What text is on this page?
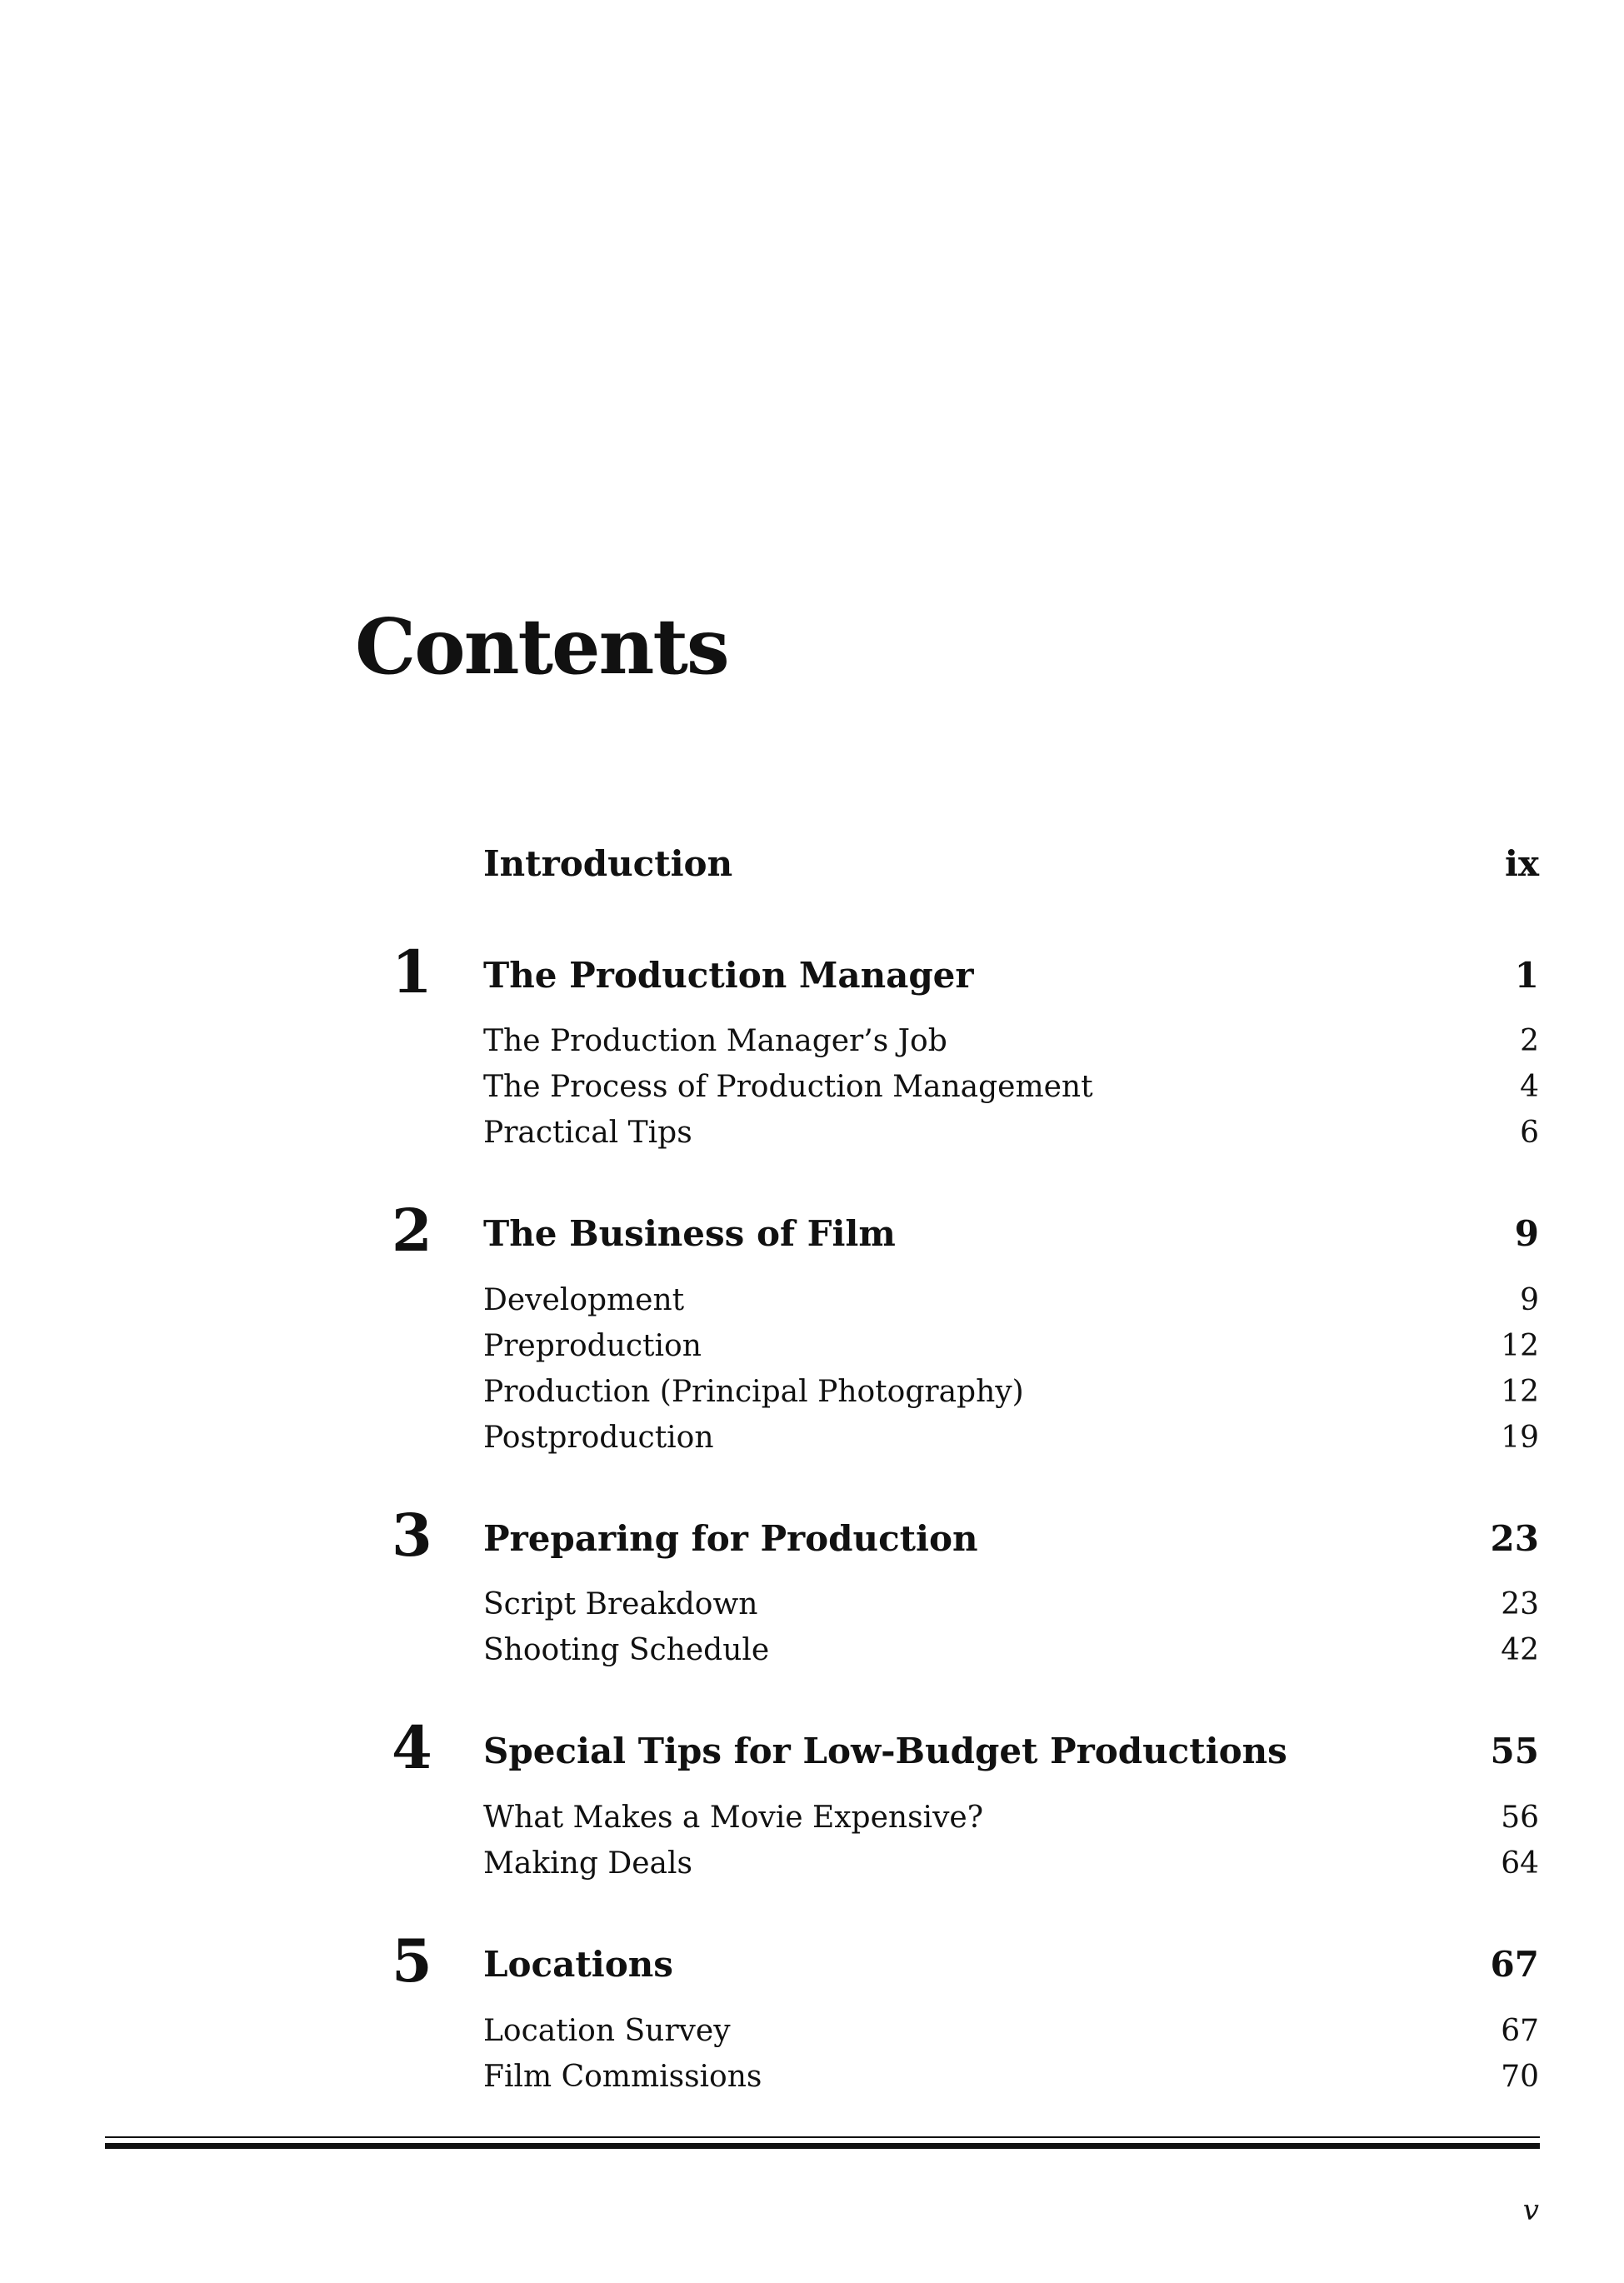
Contents
Introduction	ix
1	The Production Manager	1
The Production Manager’s Job	2
The Process of Production Management	4
Practical Tips	6
2	The Business of Film	9
Development	9
Preproduction	12
Production (Principal Photography)	12
Postproduction	19
3	Preparing for Production	23
Script Breakdown	23
Shooting Schedule	42
4	Special Tips for Low-Budget Productions	55
What Makes a Movie Expensive?	56
Making Deals	64
5	Locations	67
Location Survey	67
Film Commissions	70
v
